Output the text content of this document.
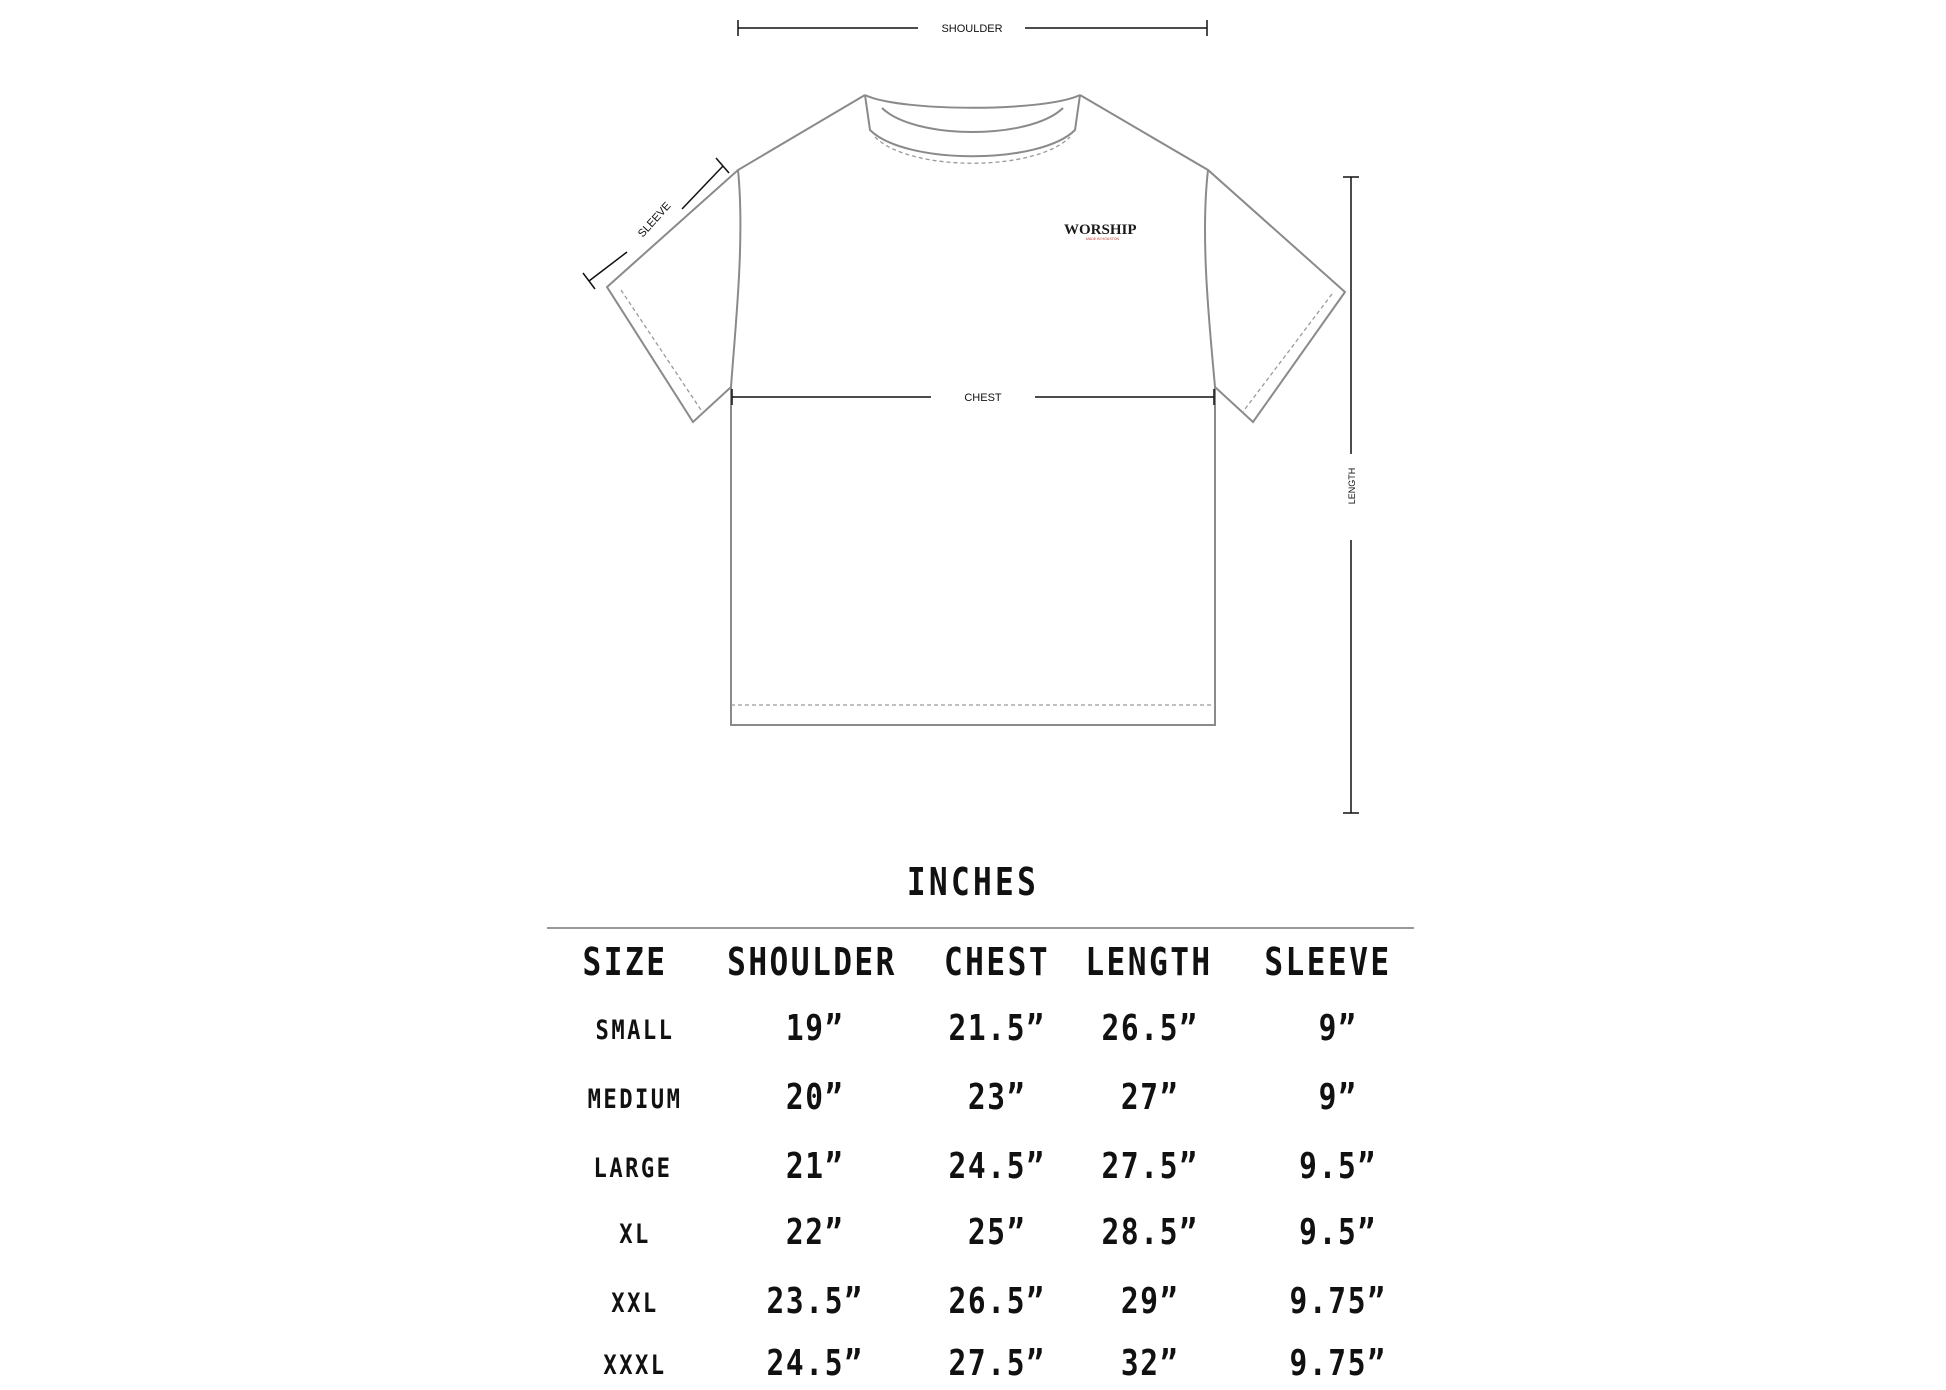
SHOULDER
SLEEVE
CHEST
LENGTH
WORSHIP
MADE IN HOUSTON
INCHES
SIZE	SHOULDER	CHEST LENGTH	SLEEVE
SMALL	19”	21.5”	26.5”	9”
MEDIUM	20”	23”	27”	9”
LARGE	21”	24.5”	27.5”	9.5”
XL	22”	25”	28.5”	9.5”
XXL	23.5”	26.5”	29”	9.75”
XXXL	24.5”	27.5”	32”	9.75”
